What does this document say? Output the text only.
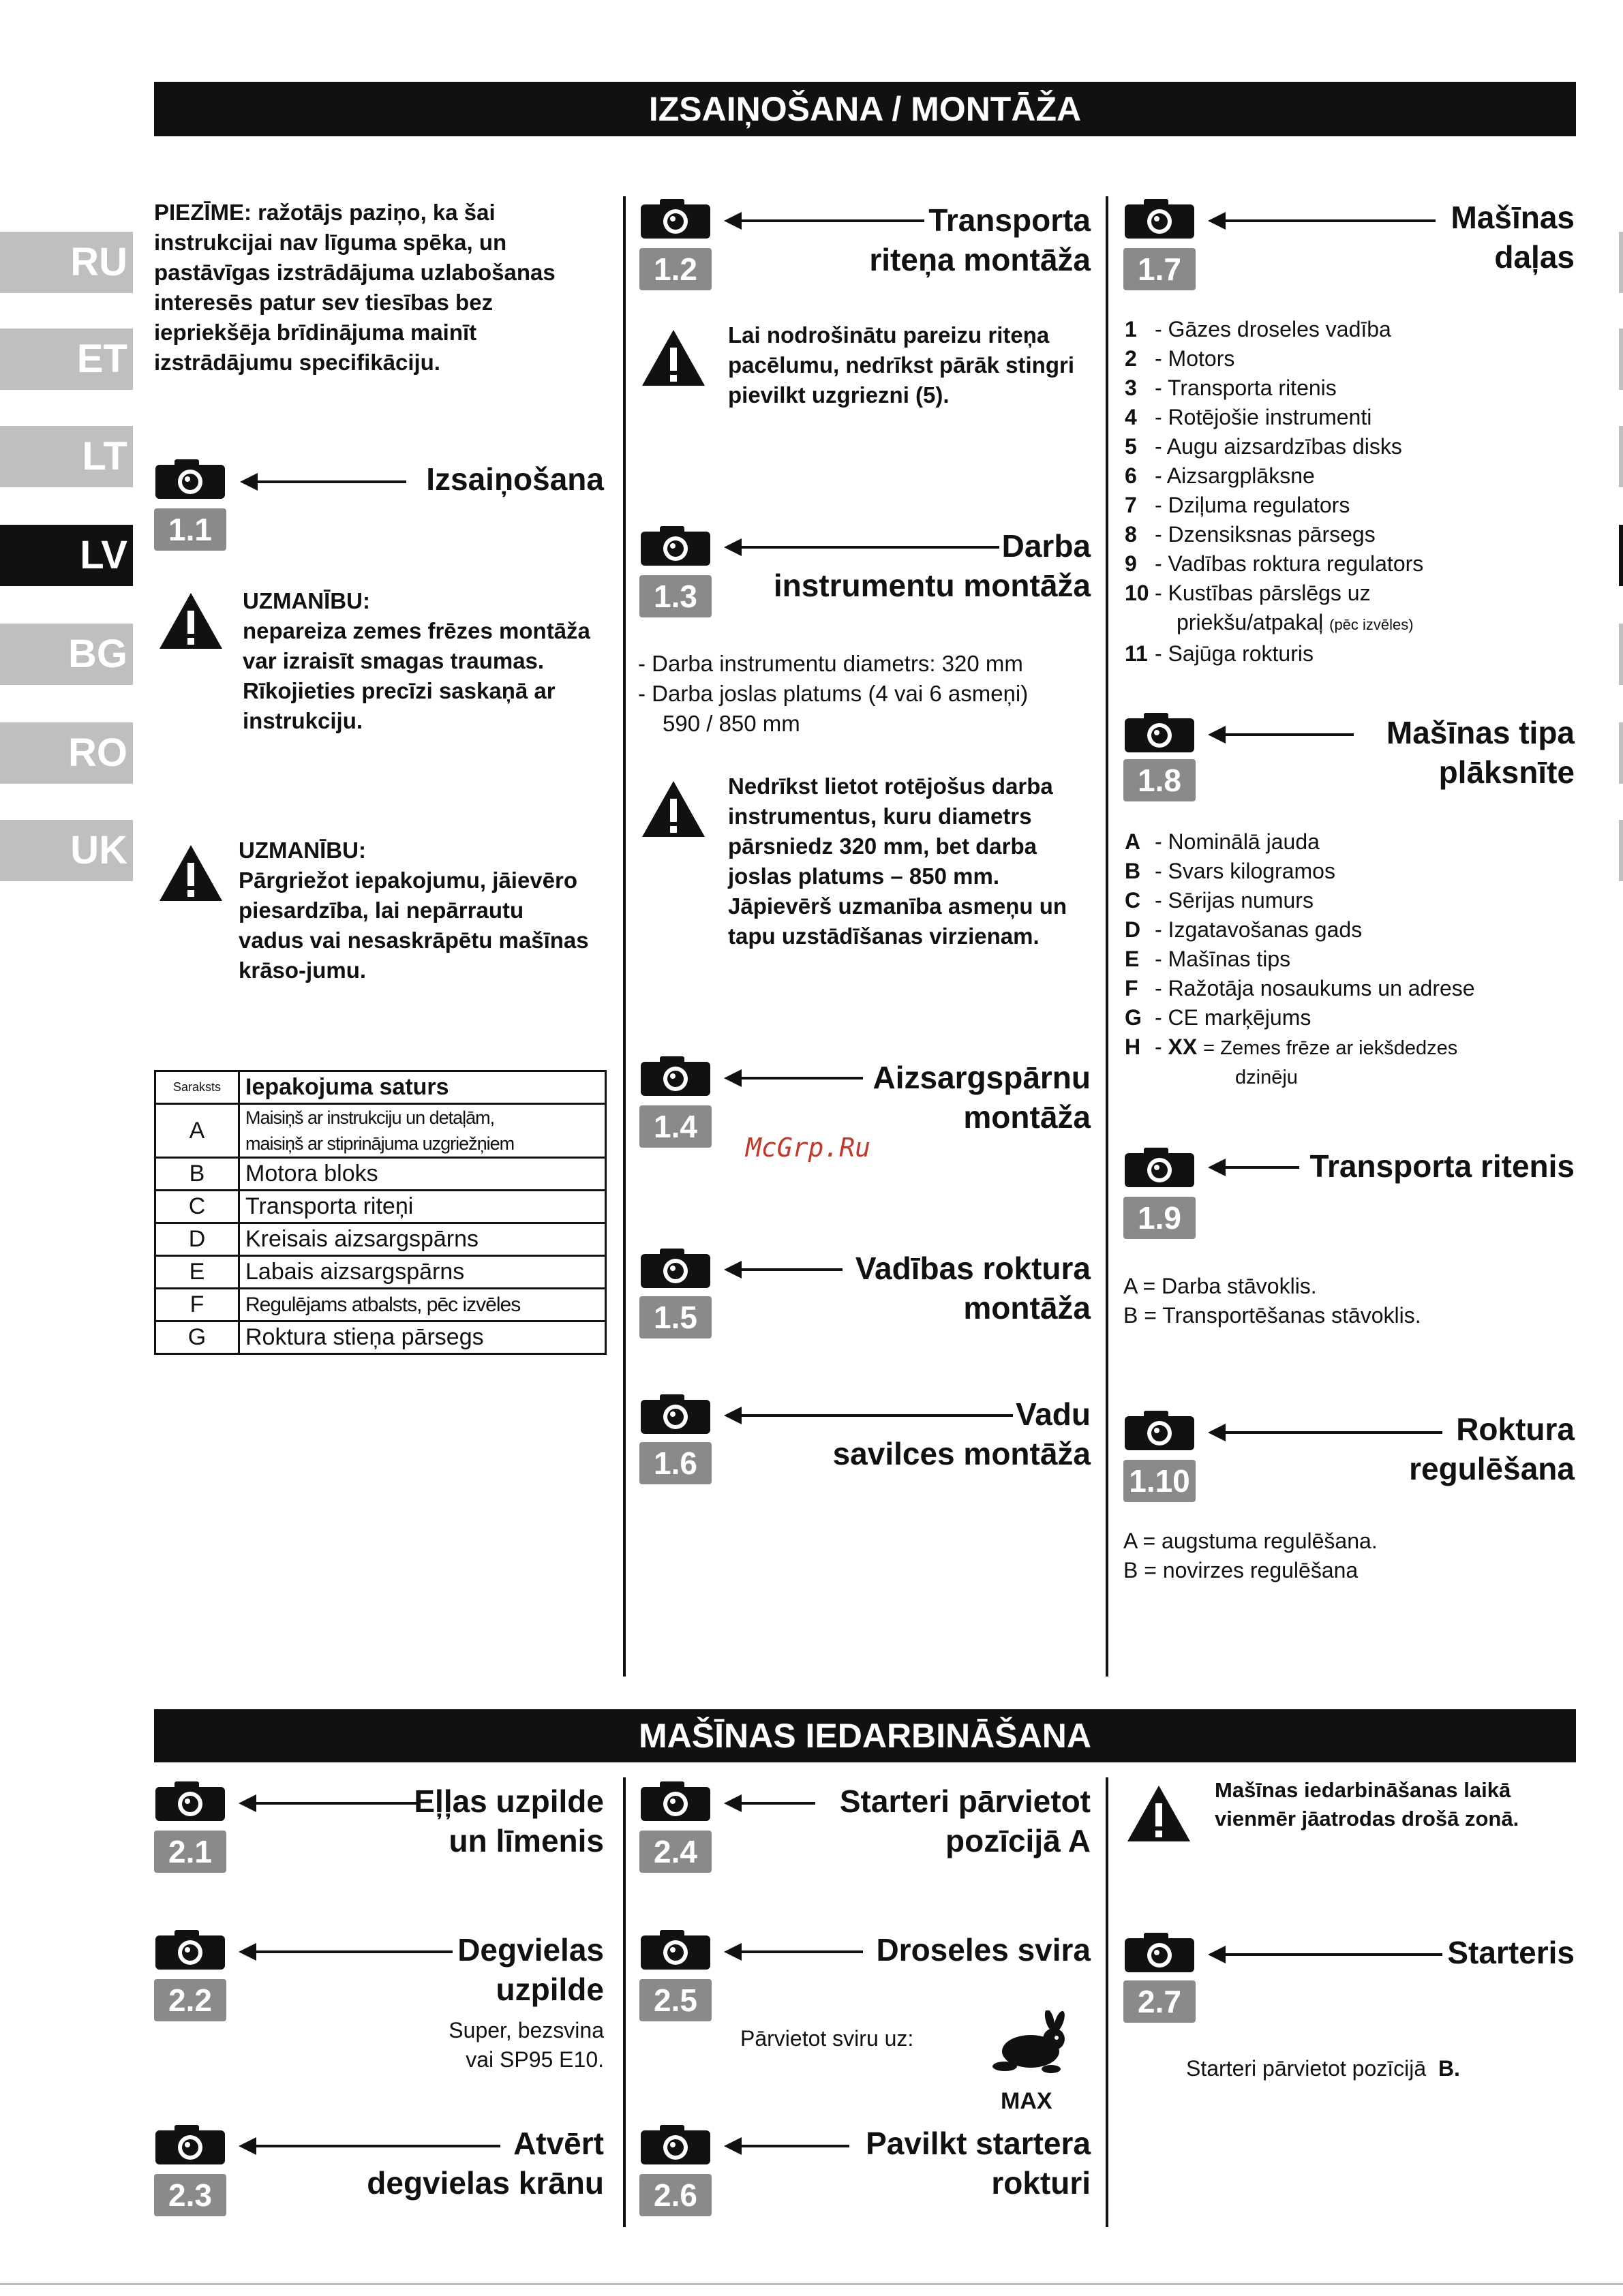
IZSAIŅOŠANA / MONTĀŽA
MAŠĪNAS IEDARBINĀŠANA
RU
ET
LT
LV
BG
RO
UK
PIEZĪME: ražotājs paziņo, ka šai instrukcijai nav līguma spēka, un pastāvīgas izstrādājuma uzlabošanas interesēs patur sev tiesības bez iepriekšēja brīdinājuma mainīt izstrādājumu specifikāciju.
Izsaiņošana
1.1
UZMANĪBU:
nepareiza zemes frēzes montāža var izraisīt smagas traumas. Rīkojieties precīzi saskaņā ar instrukciju.
UZMANĪBU:
Pārgriežot iepakojumu, jāievēro piesardzība, lai nepārrautu vadus vai nesaskrāpētu mašīnas krāso-jumu.
Saraksts	Iepakojuma saturs
A	Maisiņš ar instrukciju un detaļām,
maisiņš ar stiprinājuma uzgriežņiem

B	Motora bloks
C	Transporta riteņi
D	Kreisais aizsargspārns
E	Labais aizsargspārns
F	Regulējams atbalsts, pēc izvēles
G	Roktura stieņa pārsegs
Transporta
riteņa montāža
1.2
Lai nodrošinātu pareizu riteņa pacēlumu, nedrīkst pārāk stingri pievilkt uzgriezni (5).
Darba
instrumentu montāža
1.3
- Darba instrumentu diametrs: 320 mm
- Darba joslas platums (4 vai 6 asmeņi)
590 / 850 mm
Nedrīkst lietot rotējošus darba instrumentus, kuru diametrs pārsniedz 320 mm, bet darba joslas platums – 850 mm. Jāpievērš uzmanība asmeņu un tapu uzstādīšanas virzienam.
Aizsargspārnu
montāža
1.4
Vadības roktura
montāža
1.5
Vadu
savilces montāža
1.6
McGrp.Ru
Mašīnas
daļas
1.7
1 - Gāzes droseles vadība
2 - Motors
3 - Transporta ritenis
4 - Rotējošie instrumenti
5 - Augu aizsardzības disks
6 - Aizsargplāksne
7 - Dziļuma regulators
8 - Dzensiksnas pārsegs
9 - Vadības roktura regulators
10 - Kustības pārslēgs uz
priekšu/atpakaļ (pēc izvēles)
11 - Sajūga rokturis
Mašīnas tipa
plāksnīte
1.8
A - Nominālā jauda
B - Svars kilogramos
C - Sērijas numurs
D - Izgatavošanas gads
E - Mašīnas tips
F - Ražotāja nosaukums un adrese
G - CE marķējums
H - XX = Zemes frēze ar iekšdedzes
dzinēju
Transporta ritenis
1.9
A = Darba stāvoklis.
B = Transportēšanas stāvoklis.
Roktura
regulēšana
1.10
A = augstuma regulēšana.
B = novirzes regulēšana
Eļļas uzpilde
un līmenis
2.1
Degvielas
uzpilde
2.2
Super, bezsvina
vai SP95 E10.
Atvērt
degvielas krānu
2.3
Starteri pārvietot
pozīcijā A
2.4
Droseles svira
2.5
Pārvietot sviru uz:
MAX
Pavilkt startera
rokturi
2.6
Mašīnas iedarbināšanas laikā vienmēr jāatrodas drošā zonā.
Starteris
2.7
Starteri pārvietot pozīcijā B.
